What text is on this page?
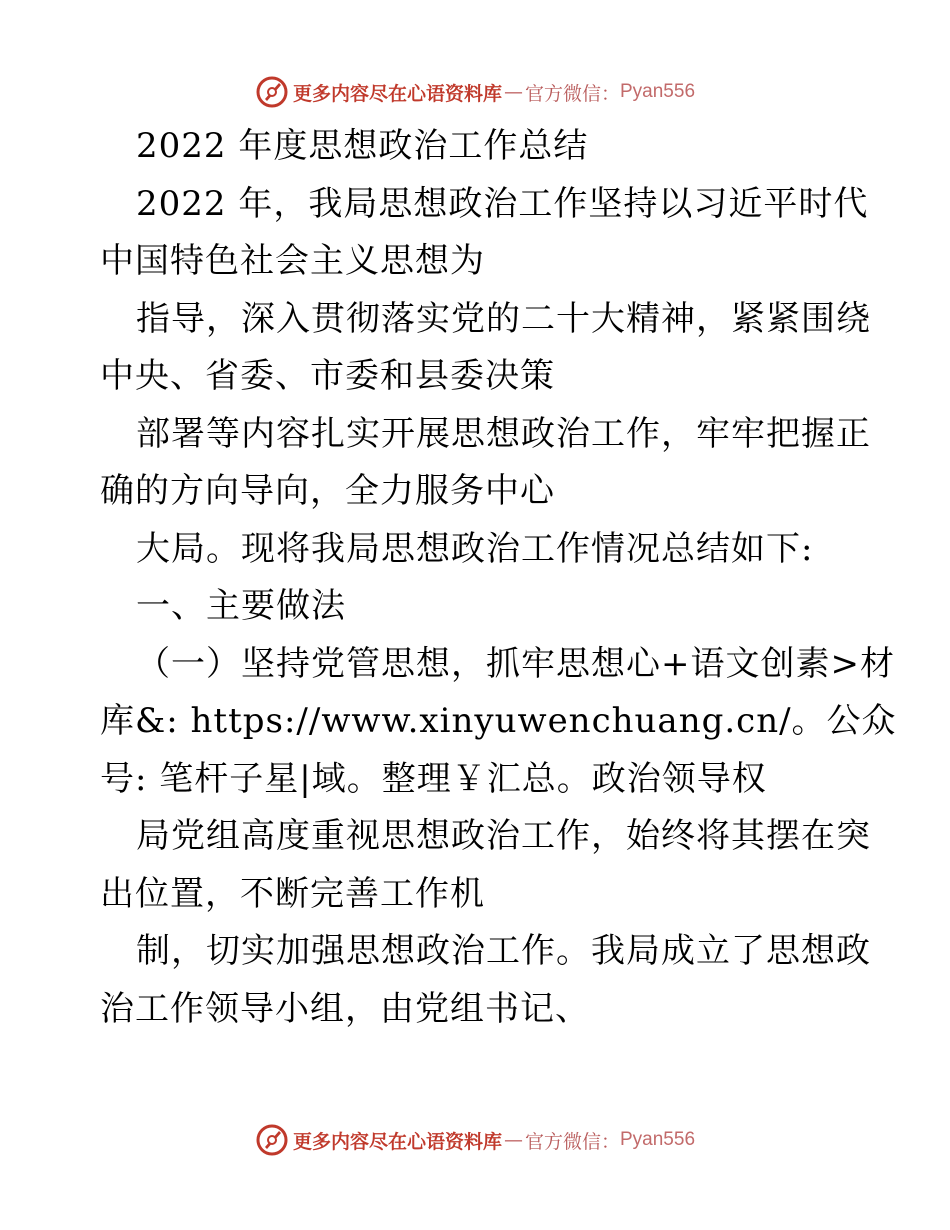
更多内容尽在心语资料库 — 官方微信： Pyan556
2022 年度思想政治工作总结
2022 年，我局思想政治工作坚持以习近平时代
中国特色社会主义思想为
指导，深入贯彻落实党的二十大精神，紧紧围绕
中央、省委、市委和县委决策
部署等内容扎实开展思想政治工作，牢牢把握正
确的方向导向，全力服务中心
大局。现将我局思想政治工作情况总结如下:
一、主要做法
（一）坚持党管思想，抓牢思想心+语文创素>材
库&: https://www.xinyuwenchuang.cn/。公众
号: 笔杆子星|域。整理￥汇总。政治领导权
局党组高度重视思想政治工作，始终将其摆在突
出位置，不断完善工作机
制，切实加强思想政治工作。我局成立了思想政
治工作领导小组，由党组书记、
更多内容尽在心语资料库 — 官方微信： Pyan556
